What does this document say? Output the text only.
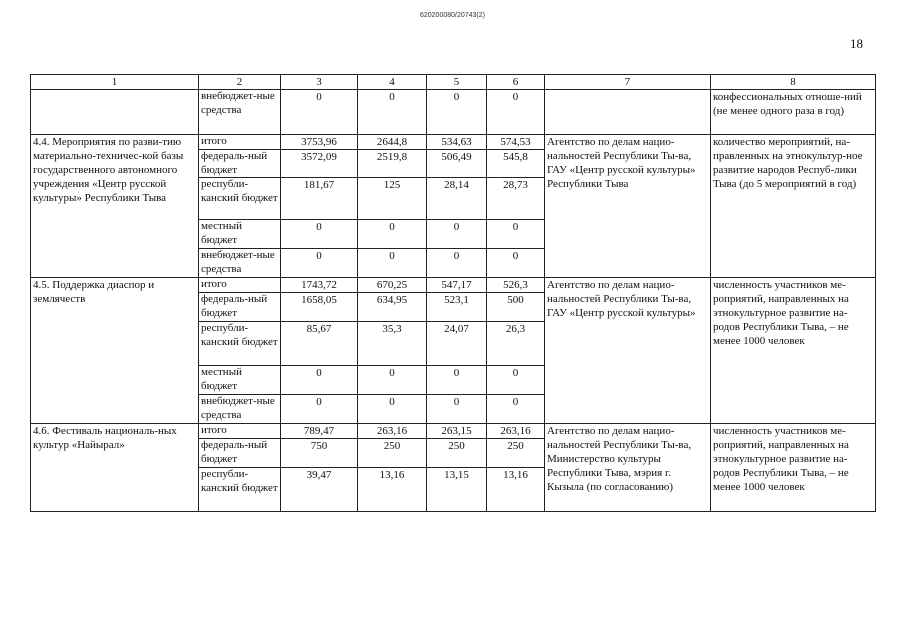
620200080/20743(2)
18
1	2	3	4	5	6	7	8
	внебюджет-ные средства	0	0	0	0		конфессиональных отноше-ний (не менее одного раза в год)
4.4. Мероприятия по разви-тию материально-техничес-кой базы государственного автономного учреждения «Центр русской культуры» Республики Тыва	итого	3753,96	2644,8	534,63	574,53	Агентство по делам нацио-нальностей Республики Ты-ва, ГАУ «Центр русской культуры» Республики Тыва	количество мероприятий, на-правленных на этнокультур-ное развитие народов Респуб-лики Тыва (до 5 мероприятий в год)
	федераль-ный бюджет	3572,09	2519,8	506,49	545,8		
	республи-канский бюджет	181,67	125	28,14	28,73		
	местный бюджет	0	0	0	0		
	внебюджет-ные средства	0	0	0	0		
4.5. Поддержка диаспор и землячеств	итого	1743,72	670,25	547,17	526,3	Агентство по делам нацио-нальностей Республики Ты-ва, ГАУ «Центр русской культуры»	численность участников ме-роприятий, направленных на этнокультурное развитие на-родов Республики Тыва, – не менее 1000 человек
	федераль-ный бюджет	1658,05	634,95	523,1	500		
	республи-канский бюджет	85,67	35,3	24,07	26,3		
	местный бюджет	0	0	0	0		
	внебюджет-ные средства	0	0	0	0		
4.6. Фестиваль националь-ных культур «Найырал»	итого	789,47	263,16	263,15	263,16	Агентство по делам нацио-нальностей Республики Ты-ва, Министерство культуры Республики Тыва, мэрия г. Кызыла (по согласованию)	численность участников ме-роприятий, направленных на этнокультурное развитие на-родов Республики Тыва, – не менее 1000 человек
	федераль-ный бюджет	750	250	250	250		
	республи-канский бюджет	39,47	13,16	13,15	13,16		
